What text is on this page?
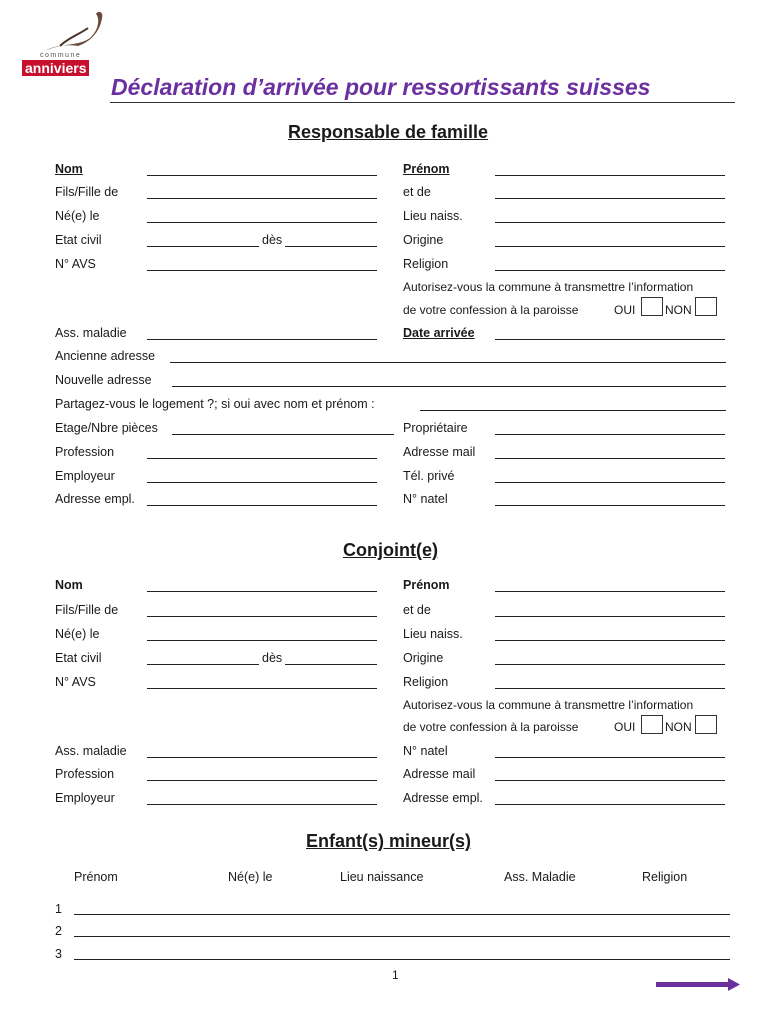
commune
anniviers
Déclaration d’arrivée pour ressortissants suisses
Responsable de famille
Nom	Prénom
Fils/Fille de	et de
Né(e) le	Lieu naiss.
Etat civil	dès	Origine
N° AVS	Religion
Autorisez-vous la commune à transmettre l’information
de votre confession à la paroisse	OUI NON
Ass. maladie	Date arrivée
Ancienne adresse
Nouvelle adresse
Partagez-vous le logement ?; si oui avec nom et prénom :
Etage/Nbre pièces	Propriétaire
Profession	Adresse mail
Employeur	Tél. privé
Adresse empl.	N° natel
Conjoint(e)
Nom	Prénom
Fils/Fille de	et de
Né(e) le	Lieu naiss.
Etat civil	dès	Origine
N° AVS	Religion
Autorisez-vous la commune à transmettre l’information
de votre confession à la paroisse	OUI NON
Ass. maladie	N° natel
Profession	Adresse mail
Employeur	Adresse empl.
Enfant(s) mineur(s)
Prénom	Né(e) le	Lieu naissance	Ass. Maladie	Religion
1
2
3
1
